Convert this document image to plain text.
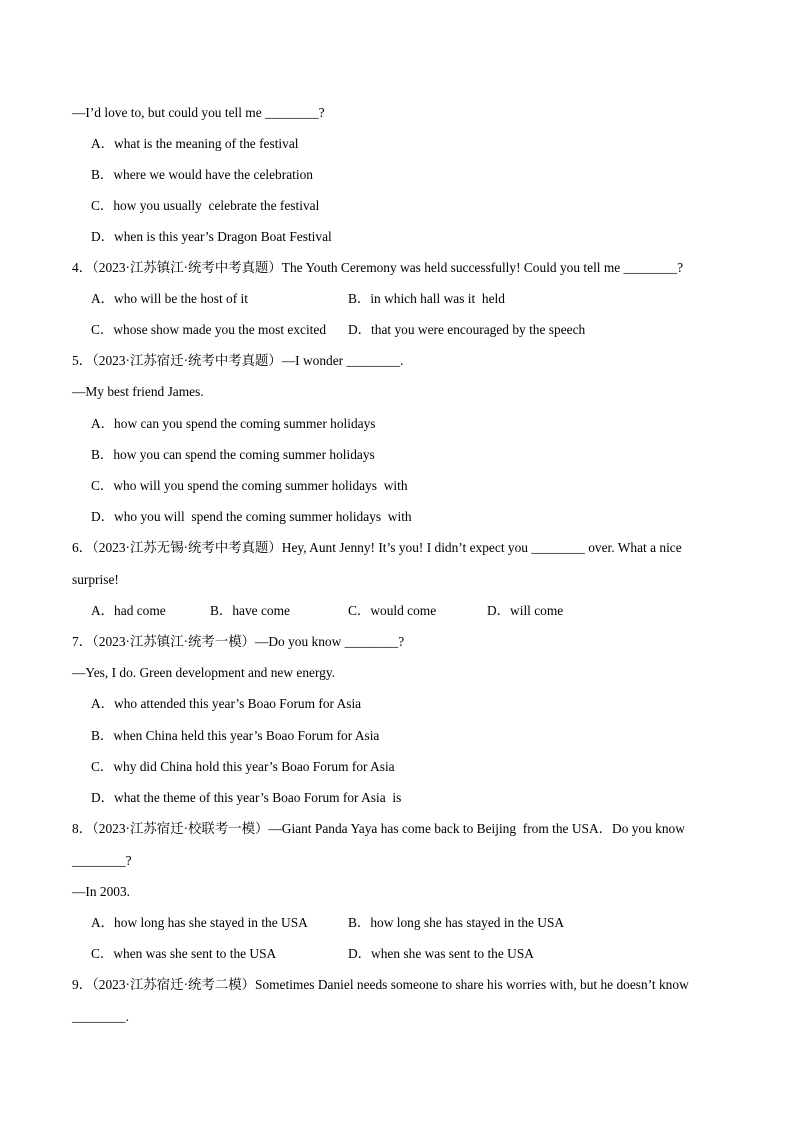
—I’d love to, but could you tell me ________?
A．what is the meaning of the festival
B．where we would have the celebration
C．how you usually  celebrate the festival
D．when is this year’s Dragon Boat Festival
4．（2023·江苏镇江·统考中考真题）The Youth Ceremony was held successfully! Could you tell me ________?
A．who will be the host of it	B．in which hall was it  held
C．whose show made you the most excited D．that you were encouraged by the speech
5．（2023·江苏宿迁·统考中考真题）—I wonder ________.
—My best friend James.
A．how can you spend the coming summer holidays
B．how you can spend the coming summer holidays
C．who will you spend the coming summer holidays  with
D．who you will  spend the coming summer holidays  with
6．（2023·江苏无锡·统考中考真题）Hey, Aunt Jenny! It’s you! I didn’t expect you ________ over. What a nice
surprise!
A．had come	B．have come	C．would come	D．will come
7．（2023·江苏镇江·统考一模）—Do you know ________?
—Yes, I do. Green development and new energy.
A．who attended this year’s Boao Forum for Asia
B．when China held this year’s Boao Forum for Asia
C．why did China hold this year’s Boao Forum for Asia
D．what the theme of this year’s Boao Forum for Asia  is
8．（2023·江苏宿迁·校联考一模）—Giant Panda Yaya has come back to Beijing  from the USA．Do you know
________?
—In 2003.
A．how long has she stayed in the USA	B．how long she has stayed in the USA
C．when was she sent to the USA	D．when she was sent to the USA
9．（2023·江苏宿迁·统考二模）Sometimes Daniel needs someone to share his worries with, but he doesn’t know
________.
